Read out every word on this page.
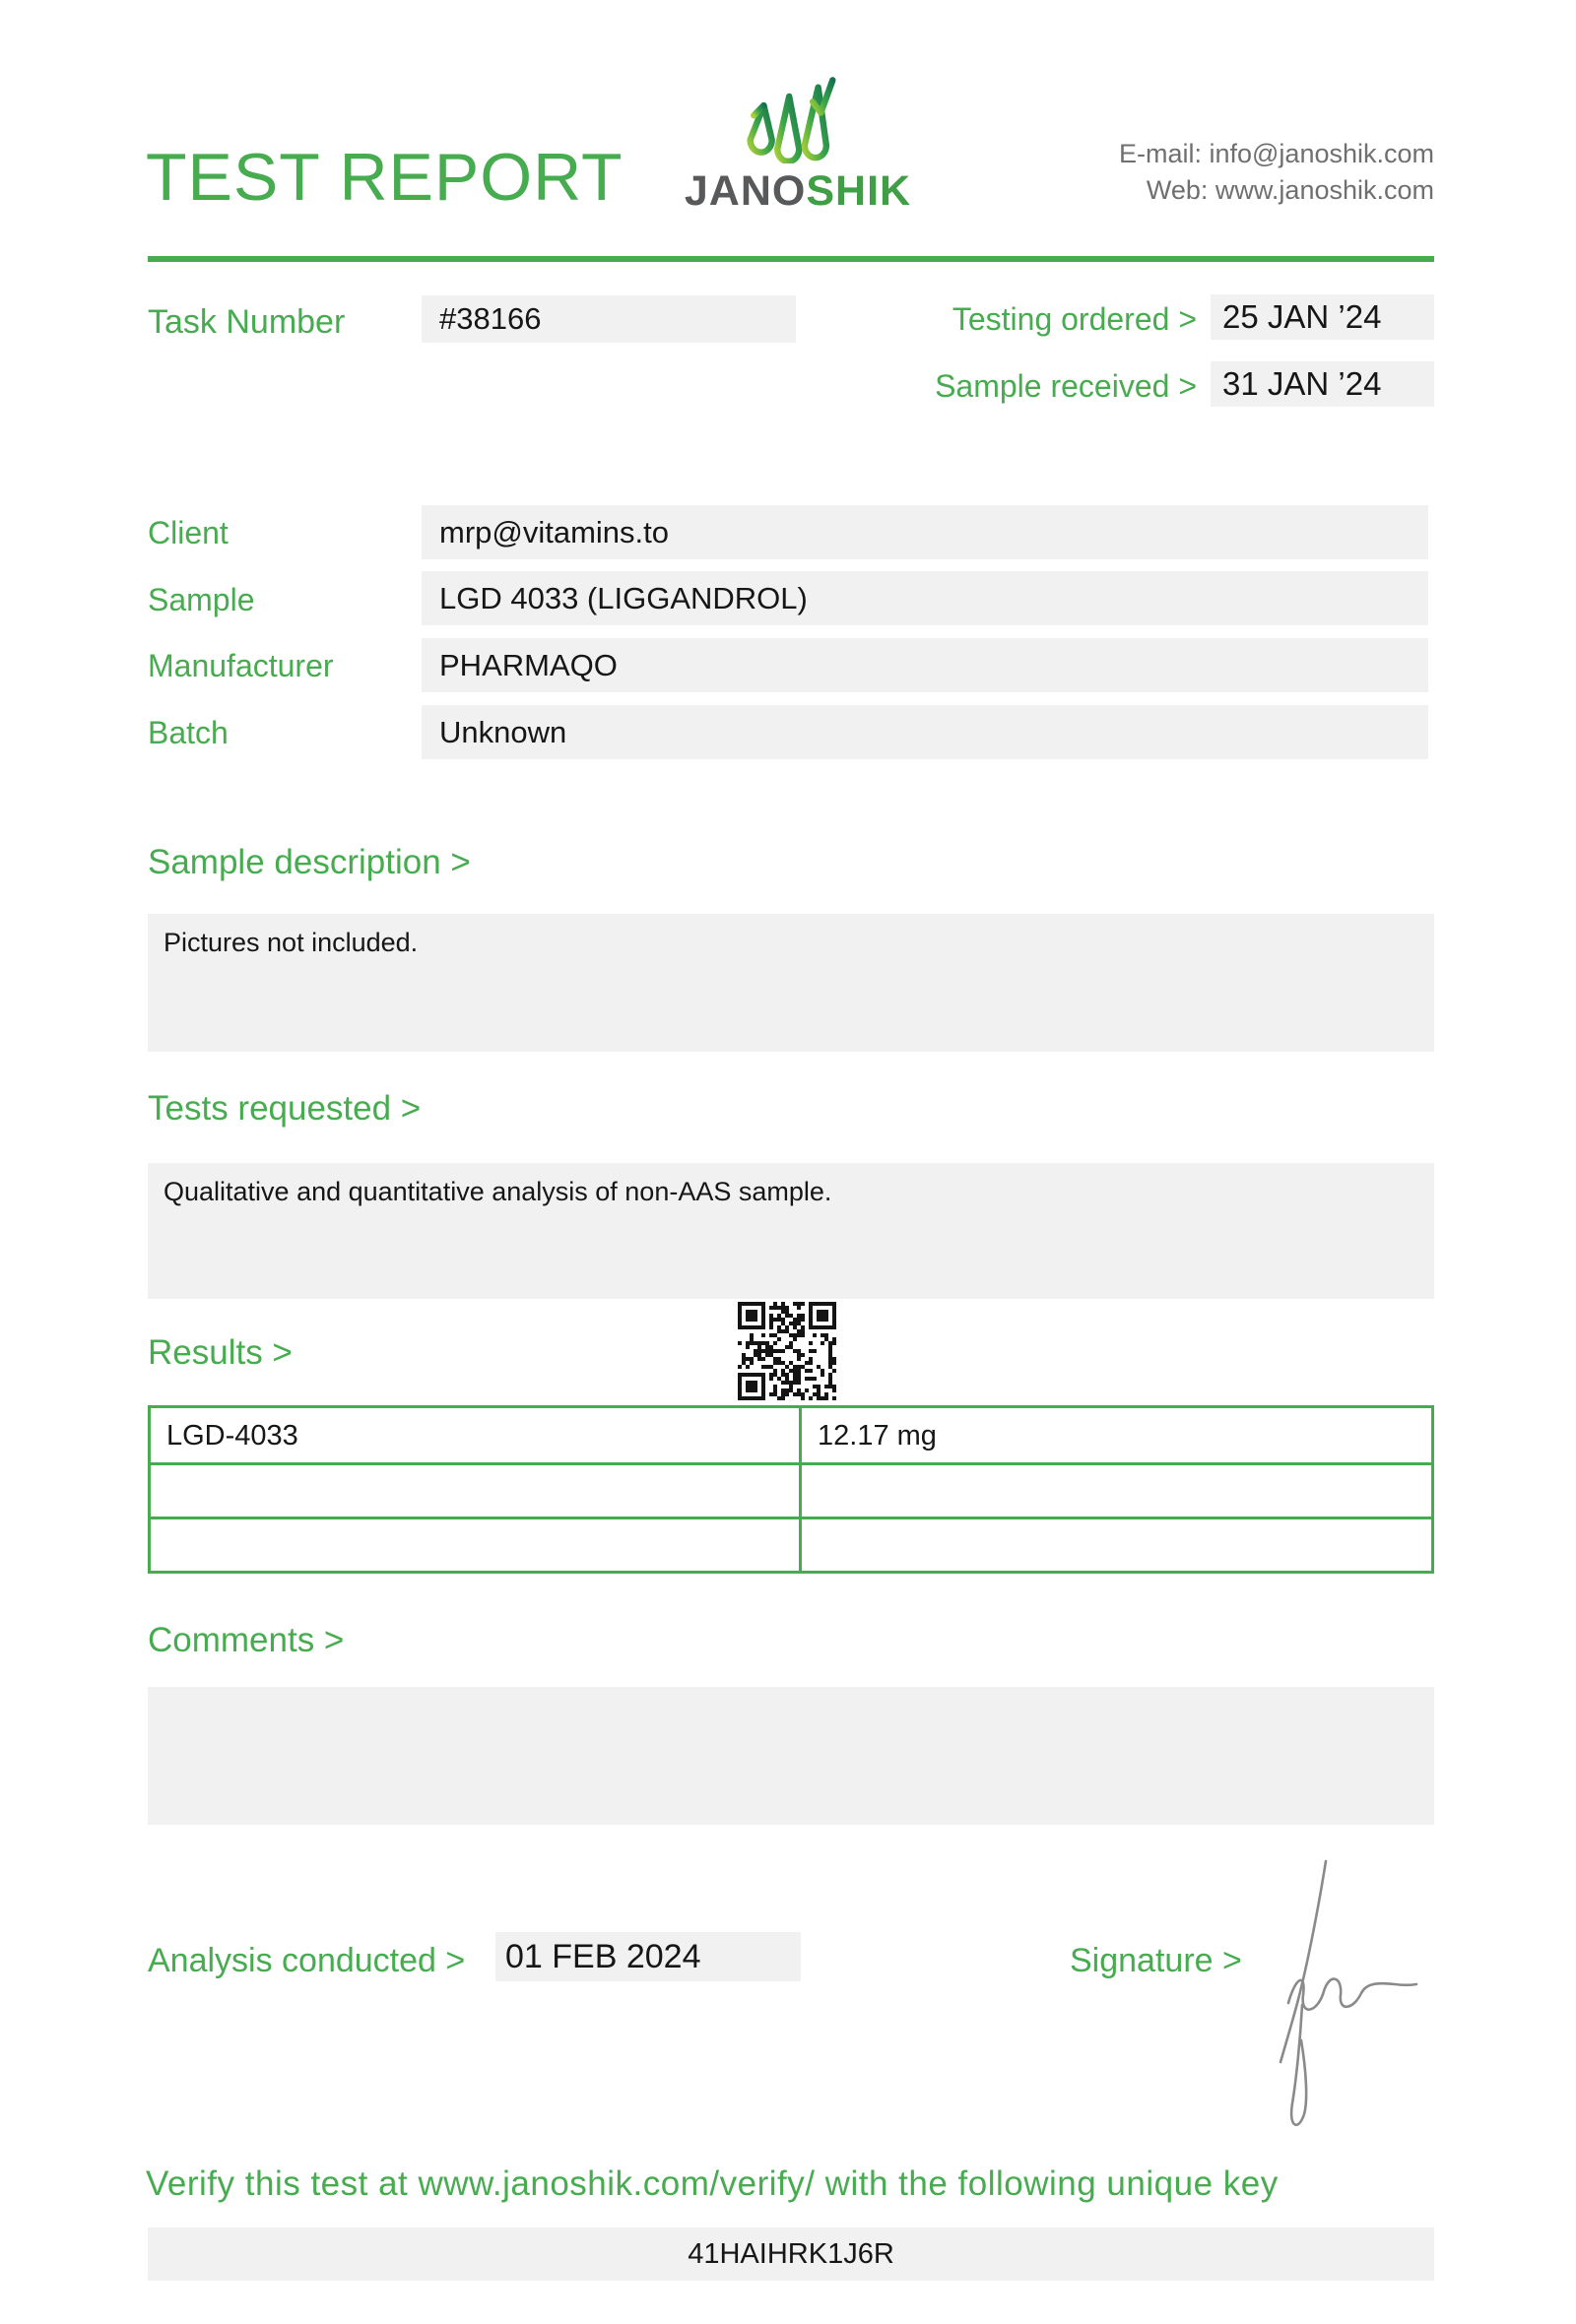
TEST REPORT JANOSHIK
E-mail: info@janoshik.com
Web: www.janoshik.com
Task Number	#38166	Testing ordered > 25 JAN ’24
Sample received > 31 JAN ’24
Client	mrp@vitamins.to
Sample	LGD 4033 (LIGGANDROL)
Manufacturer	PHARMAQO
Batch	Unknown
Sample description >
Pictures not included.
Tests requested >
Qualitative and quantitative analysis of non-AAS sample.
Results >
LGD-4033	12.17 mg
Comments >
Analysis conducted > 01 FEB 2024	Signature >
Verify this test at www.janoshik.com/verify/ with the following unique key
41HAIHRK1J6R
